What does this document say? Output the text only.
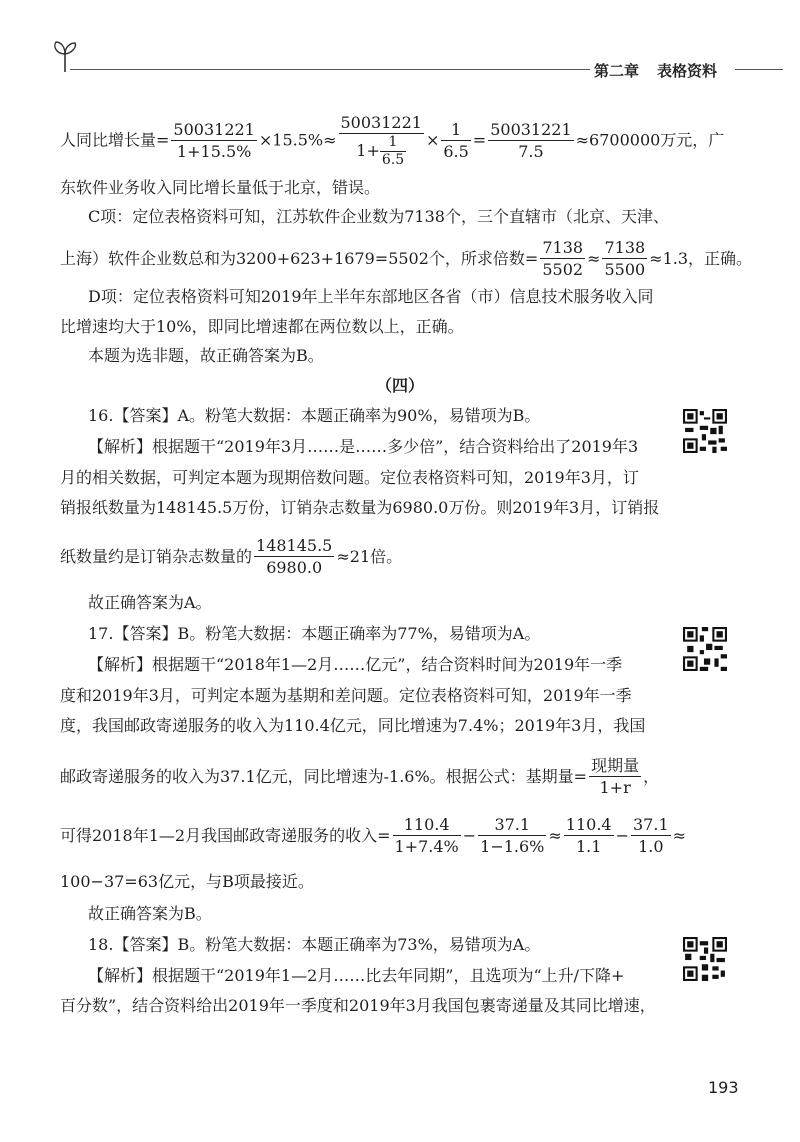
第二章 表格资料
人同比增长量= $\frac{50031221}{1+15.5\%} \times 15.5\%\approx \frac{50031221}{1+ \frac{1}{6.5}} \times \frac{1}{6.5} = \frac{50031221}{7.5} \approx 6700000$万元，广
东软件业务收入同比增长量低于北京，错误。
C项：定位表格资料可知，江苏软件企业数为7138个，三个直辖市（北京、天津、
上海）软件企业数总和为3200+623+1679=5502个，所求倍数= $\frac{7138}{5502} \approx \frac{7138}{5500} \approx 1.3$，正确。
D项：定位表格资料可知2019年上半年东部地区各省（市）信息技术服务收入同
比增速均大于10%，即同比增速都在两位数以上，正确。
本题为选非题，故正确答案为B。
（四）
16.【答案】A。粉笔大数据：本题正确率为90%，易错项为B。
【解析】根据题干“2019年3月……是……多少倍”，结合资料给出了2019年3
月的相关数据，可判定本题为现期倍数问题。定位表格资料可知，2019年3月，订
销报纸数量为148145.5万份，订销杂志数量为6980.0万份。则2019年3月，订销报
纸数量约是订销杂志数量的 $\frac{148145.5}{6980.0} \approx 21$倍。
故正确答案为A。
17.【答案】B。粉笔大数据：本题正确率为77%，易错项为A。
【解析】根据题干“2018年1—2月……亿元”，结合资料时间为2019年一季
度和2019年3月，可判定本题为基期和差问题。定位表格资料可知，2019年一季
度，我国邮政寄递服务的收入为110.4亿元，同比增速为7.4%；2019年3月，我国
邮政寄递服务的收入为37.1亿元，同比增速为-1.6%。根据公式：基期量= $\frac{\text{现期量}}{1+r}$ ，
可得2018年1—2月我国邮政寄递服务的收入= $\frac{110.4}{1+7.4\%} - \frac{37.1}{1-1.6\%} \approx \frac{110.4}{1.1} - \frac{37.1}{1.0}$ ≈
100−37=63亿元，与B项最接近。
故正确答案为B。
18.【答案】B。粉笔大数据：本题正确率为73%，易错项为A。
【解析】根据题干“2019年1—2月……比去年同期”，且选项为“上升/下降+
百分数”，结合资料给出2019年一季度和2019年3月我国包裹寄递量及其同比增速，
193
